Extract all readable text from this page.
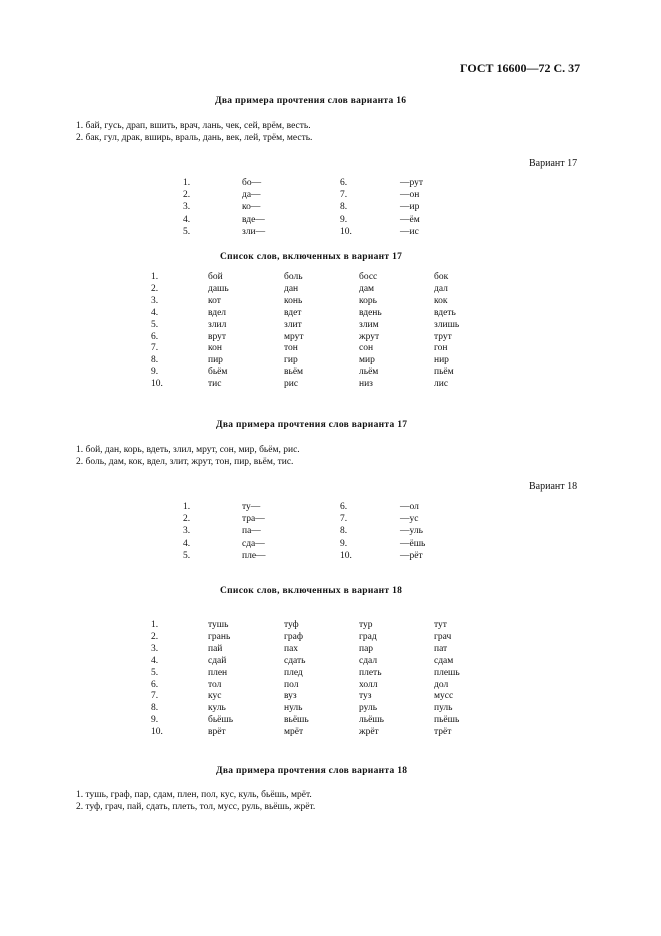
ГОСТ 16600—72 С. 37
Два примера прочтения слов варианта 16
1. бай, гусь, драп, вшить, врач, лань, чек, сей, врём, весть.
2. бак, гул, драк, вширь, враль, дань, век, лей, трём, месть.
Вариант 17
1.	бо—	6.	—рут
2.	да—	7.	—он
3.	ко—	8.	—ир
4.	вде—	9.	—ём
5.	зли—	10.	—ис
Список слов, включенных в вариант 17
1.	бой	боль	босс	бок
2.	дашь	дан	дам	дал
3.	кот	конь	корь	кок
4.	вдел	вдет	вдень	вдеть
5.	злил	злит	злим	злишь
6.	врут	мрут	жрут	трут
7.	кон	тон	сон	гон
8.	пир	гир	мир	нир
9.	бьём	вьём	льём	пьём
10.	тис	рис	низ	лис
Два примера прочтения слов варианта 17
1. бой, дан, корь, вдеть, злил, мрут, сон, мир, бьём, рис.
2. боль, дам, кок, вдел, злит, жрут, тон, пир, вьём, тис.
Вариант 18
1.	ту—	6.	—ол
2.	тра—	7.	—ус
3.	па—	8.	—уль
4.	сда—	9.	—ёшь
5.	пле—	10.	—рёт
Список слов, включенных в вариант 18
1.	тушь	туф	тур	тут
2.	грань	граф	град	грач
3.	пай	пах	пар	пат
4.	сдай	сдать	сдал	сдам
5.	плен	плед	плеть	плешь
6.	тол	пол	холл	дол
7.	кус	вуз	туз	мусс
8.	куль	нуль	руль	пуль
9.	бьёшь	вьёшь	льёшь	пьёшь
10.	врёт	мрёт	жрёт	трёт
Два примера прочтения слов варианта 18
1. тушь, граф, пар, сдам, плен, пол, кус, куль, бьёшь, мрёт.
2. туф, грач, пай, сдать, плеть, тол, мусс, руль, вьёшь, жрёт.
